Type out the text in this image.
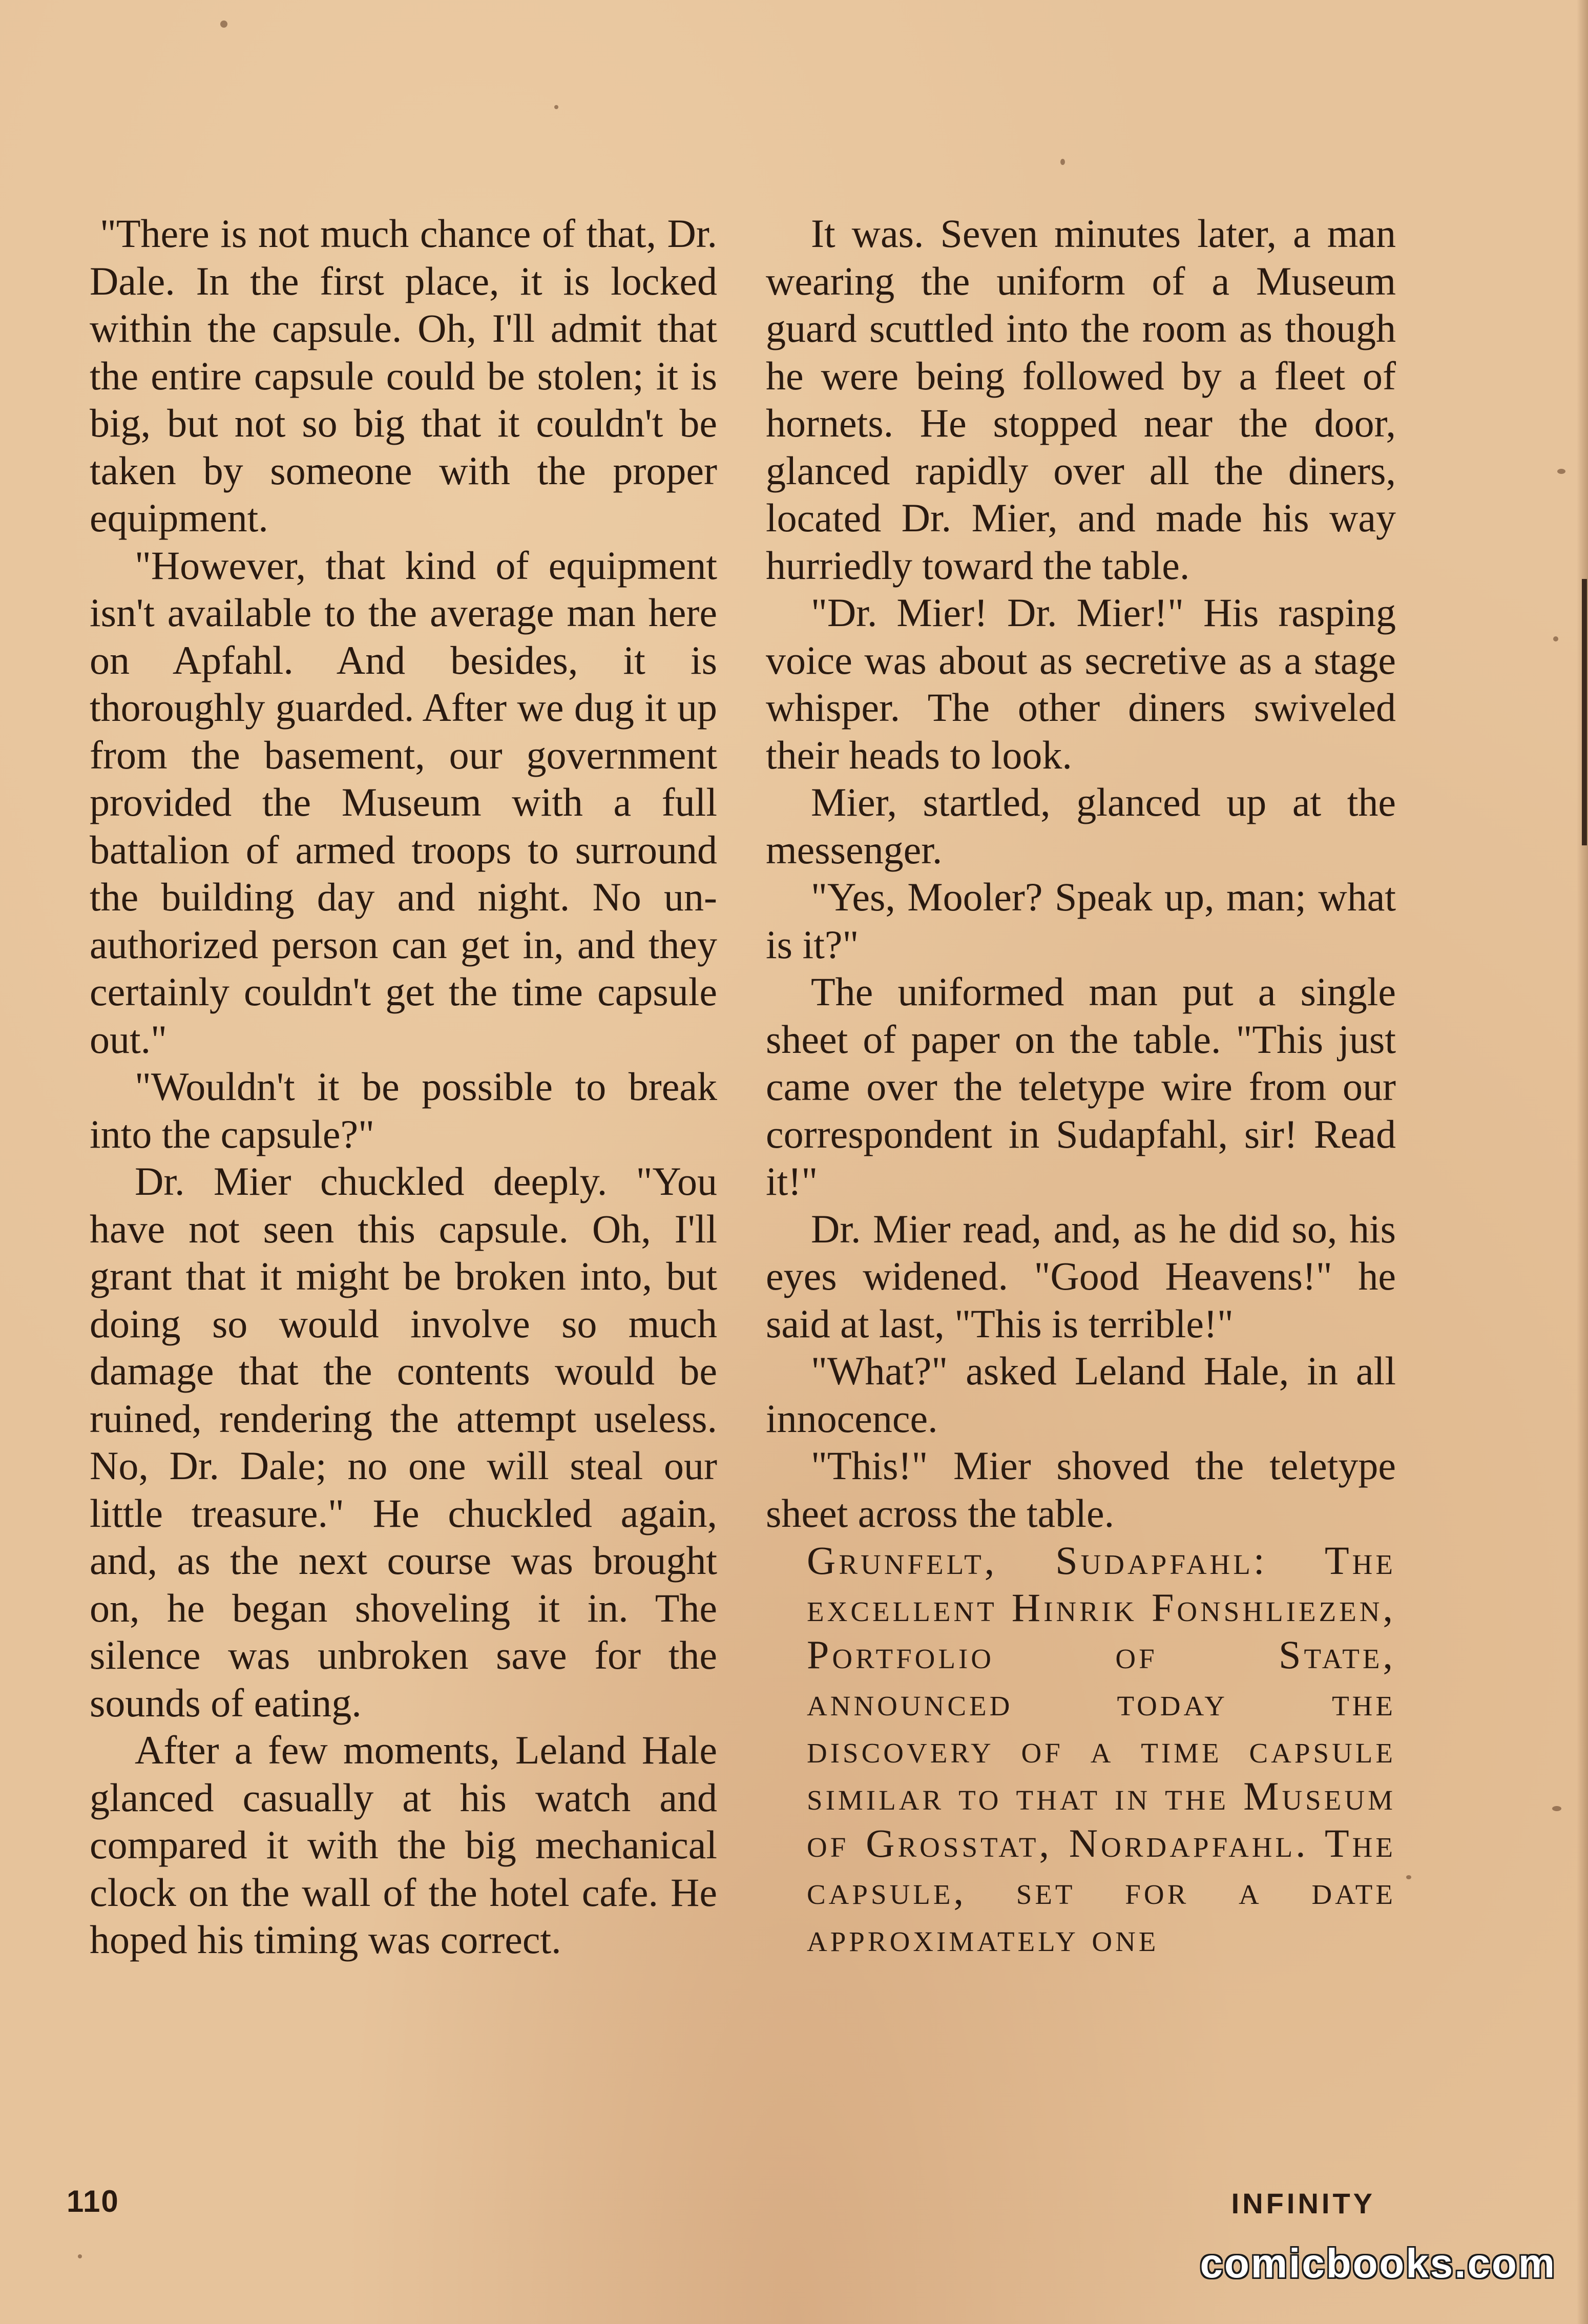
"There is not much chance of that, Dr. Dale. In the first place, it is locked within the capsule. Oh, I'll admit that the entire capsule could be stolen; it is big, but not so big that it couldn't be taken by someone with the proper equipment.

"However, that kind of equipment isn't available to the average man here on Apfahl. And besides, it is thoroughly guarded. After we dug it up from the basement, our government provided the Museum with a full battalion of armed troops to surround the building day and night. No unauthorized person can get in, and they certainly couldn't get the time capsule out."

"Wouldn't it be possible to break into the capsule?"

Dr. Mier chuckled deeply. "You have not seen this capsule. Oh, I'll grant that it might be broken into, but doing so would involve so much damage that the contents would be ruined, rendering the attempt useless. No, Dr. Dale; no one will steal our little treasure." He chuckled again, and, as the next course was brought on, he began shoveling it in. The silence was unbroken save for the sounds of eating.

After a few moments, Leland Hale glanced casually at his watch and compared it with the big mechanical clock on the wall of the hotel cafe. He hoped his timing was correct.

It was. Seven minutes later, a man wearing the uniform of a Museum guard scuttled into the room as though he were being followed by a fleet of hornets. He stopped near the door, glanced rapidly over all the diners, located Dr. Mier, and made his way hurriedly toward the table.

"Dr. Mier! Dr. Mier!" His rasping voice was about as secretive as a stage whisper. The other diners swiveled their heads to look.

Mier, startled, glanced up at the messenger.

"Yes, Mooler? Speak up, man; what is it?"

The uniformed man put a single sheet of paper on the table. "This just came over the teletype wire from our correspondent in Sudapfahl, sir! Read it!"

Dr. Mier read, and, as he did so, his eyes widened. "Good Heavens!" he said at last, "This is terrible!"

"What?" asked Leland Hale, in all innocence.

"This!" Mier shoved the teletype sheet across the table.

Grunfelt, Sudapfahl: The excellent Hinrik Fonshliezen, Portfolio of State, announced today the discovery of a time capsule similar to that in the Museum of Grosstat, Nordapfahl. The capsule, set for a date approximately one

110	INFINITY
comicbooks.com
